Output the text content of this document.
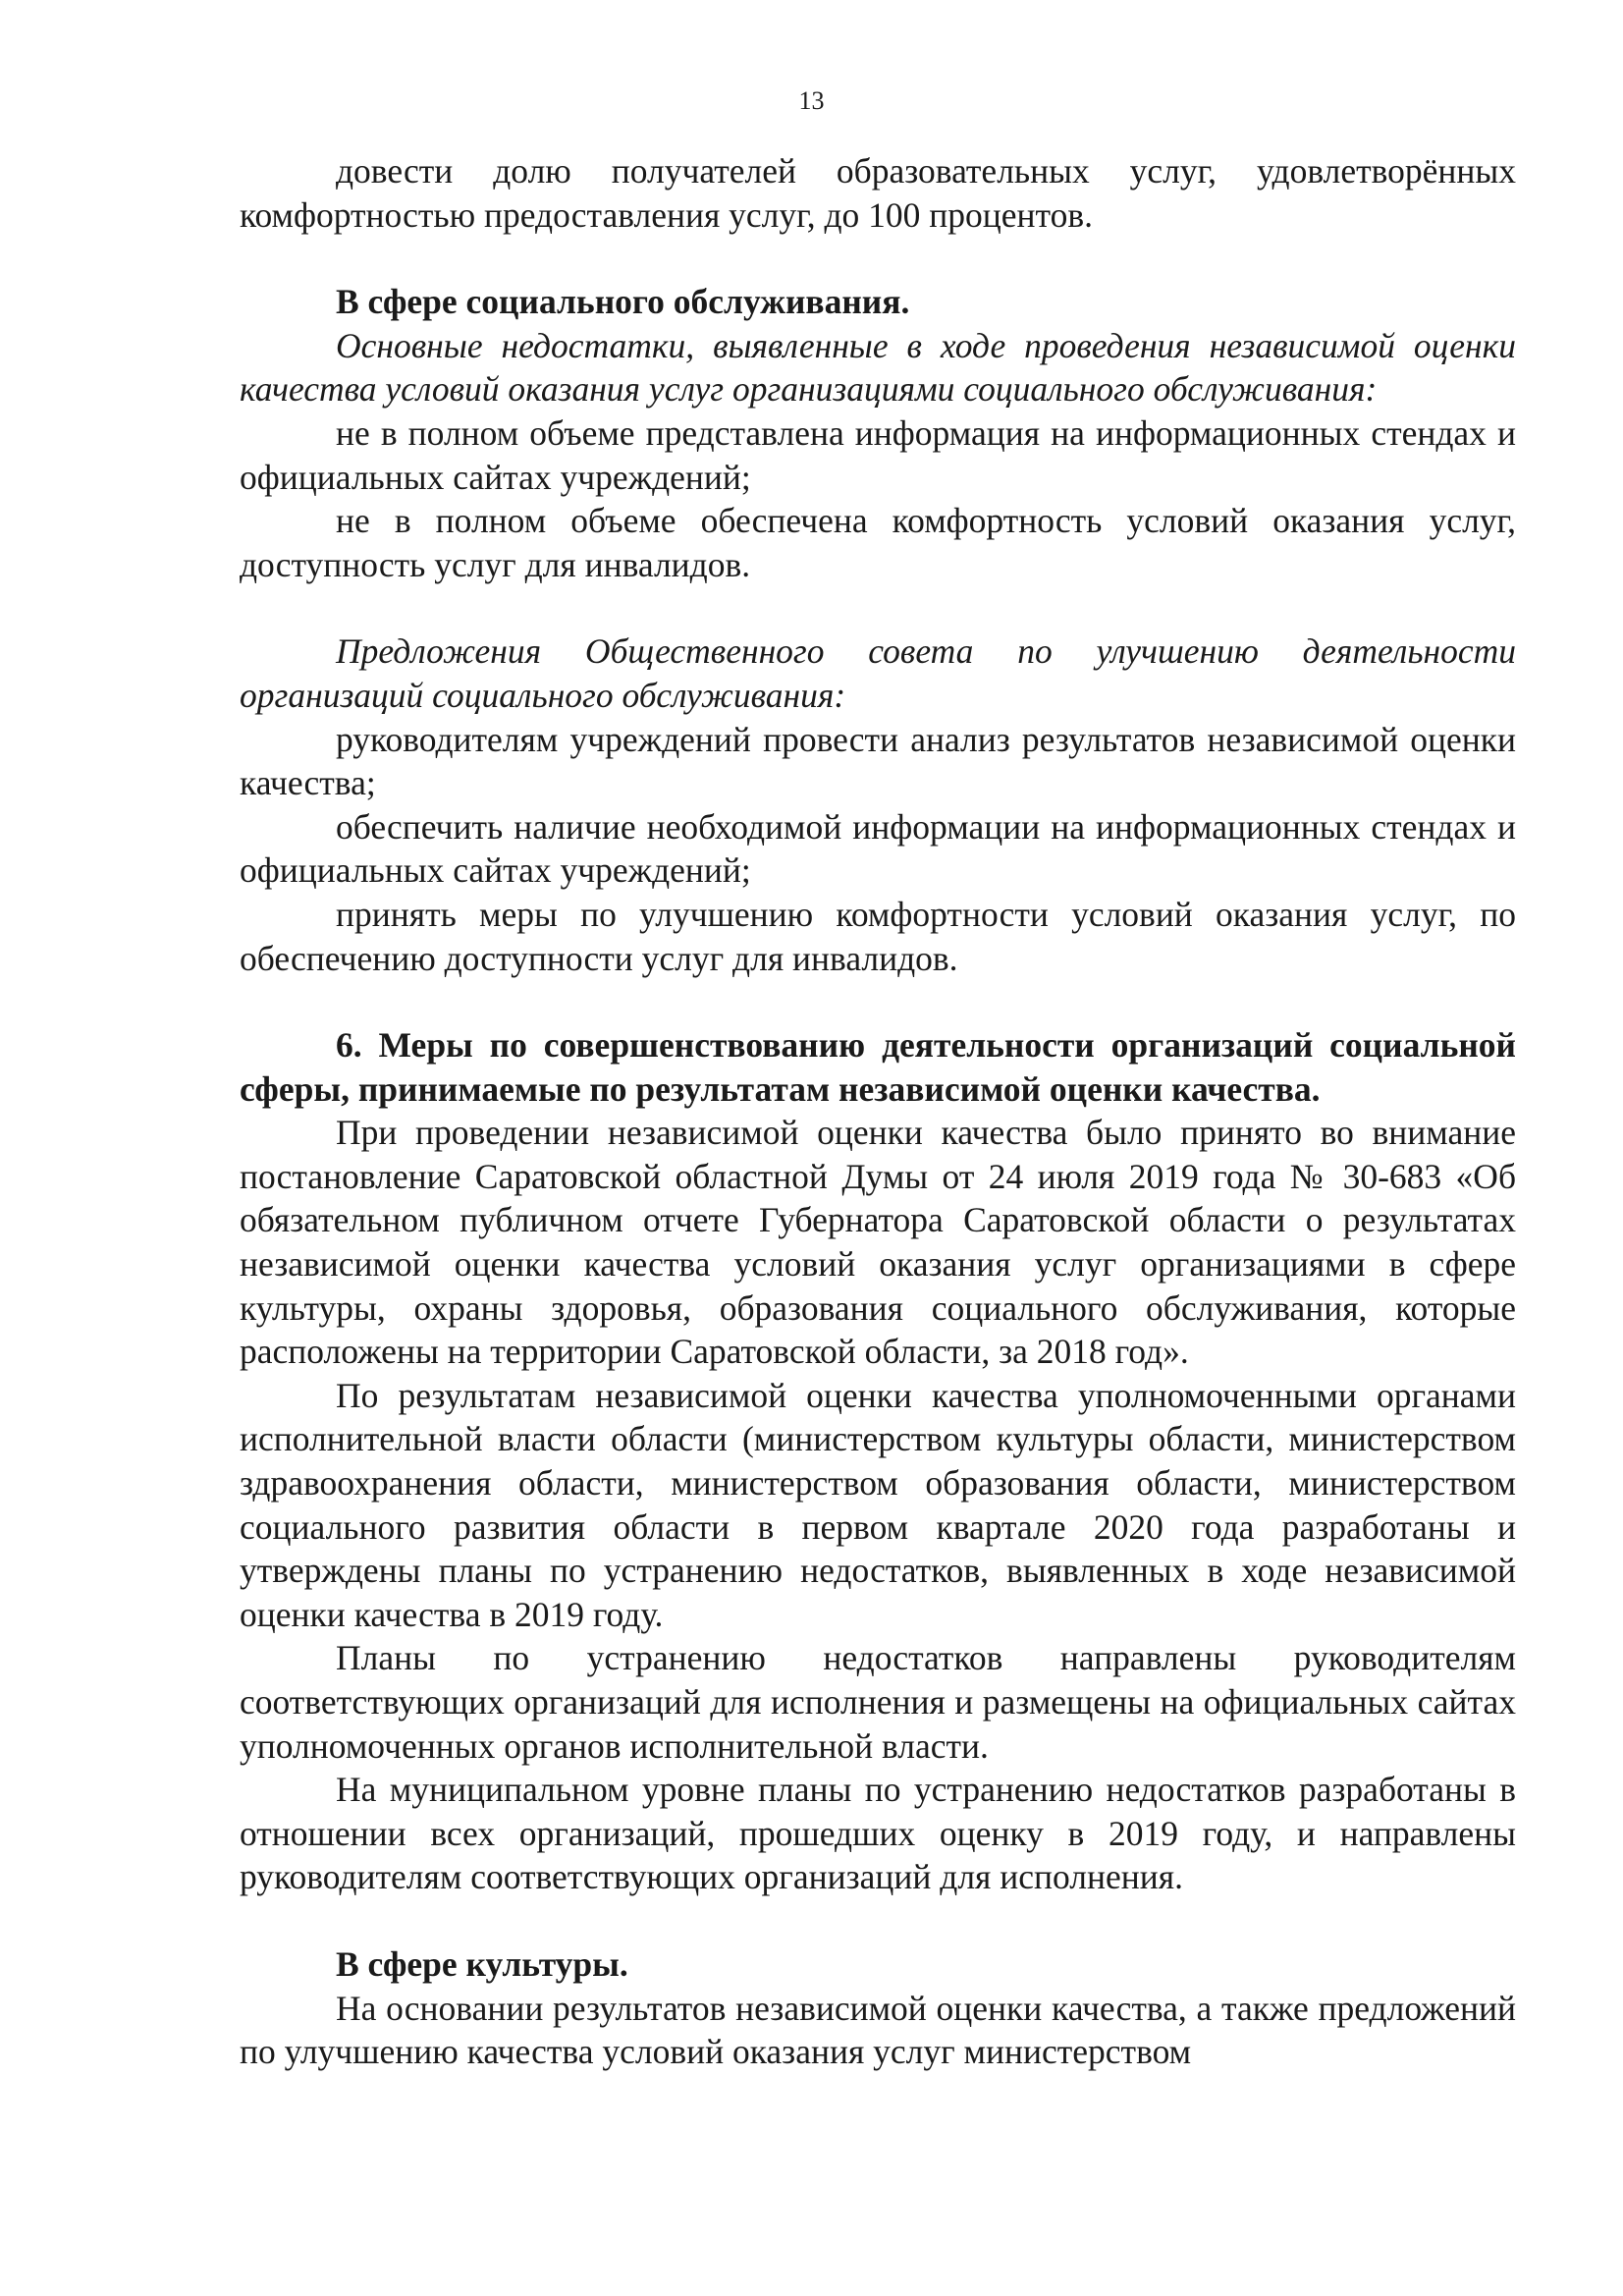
13

довести долю получателей образовательных услуг, удовлетворённых комфортностью предоставления услуг, до 100 процентов.

В сфере социального обслуживания.

Основные недостатки, выявленные в ходе проведения независимой оценки качества условий оказания услуг организациями социального обслуживания:

не в полном объеме представлена информация на информационных стендах и официальных сайтах учреждений;

не в полном объеме обеспечена комфортность условий оказания услуг, доступность услуг для инвалидов.

Предложения Общественного совета по улучшению деятельности организаций социального обслуживания:

руководителям учреждений провести анализ результатов независимой оценки качества;

обеспечить наличие необходимой информации на информационных стендах и официальных сайтах учреждений;

принять меры по улучшению комфортности условий оказания услуг, по обеспечению доступности услуг для инвалидов.

6. Меры по совершенствованию деятельности организаций социальной сферы, принимаемые по результатам независимой оценки качества.

При проведении независимой оценки качества было принято во внимание постановление Саратовской областной Думы от 24 июля 2019 года № 30-683 «Об обязательном публичном отчете Губернатора Саратовской области о результатах независимой оценки качества условий оказания услуг организациями в сфере культуры, охраны здоровья, образования социального обслуживания, которые расположены на территории Саратовской области, за 2018 год».

По результатам независимой оценки качества уполномоченными органами исполнительной власти области (министерством культуры области, министерством здравоохранения области, министерством образования области, министерством социального развития области в первом квартале 2020 года разработаны и утверждены планы по устранению недостатков, выявленных в ходе независимой оценки качества в 2019 году.

Планы по устранению недостатков направлены руководителям соответствующих организаций для исполнения и размещены на официальных сайтах уполномоченных органов исполнительной власти.

На муниципальном уровне планы по устранению недостатков разработаны в отношении всех организаций, прошедших оценку в 2019 году, и направлены руководителям соответствующих организаций для исполнения.

В сфере культуры.

На основании результатов независимой оценки качества, а также предложений по улучшению качества условий оказания услуг министерством
